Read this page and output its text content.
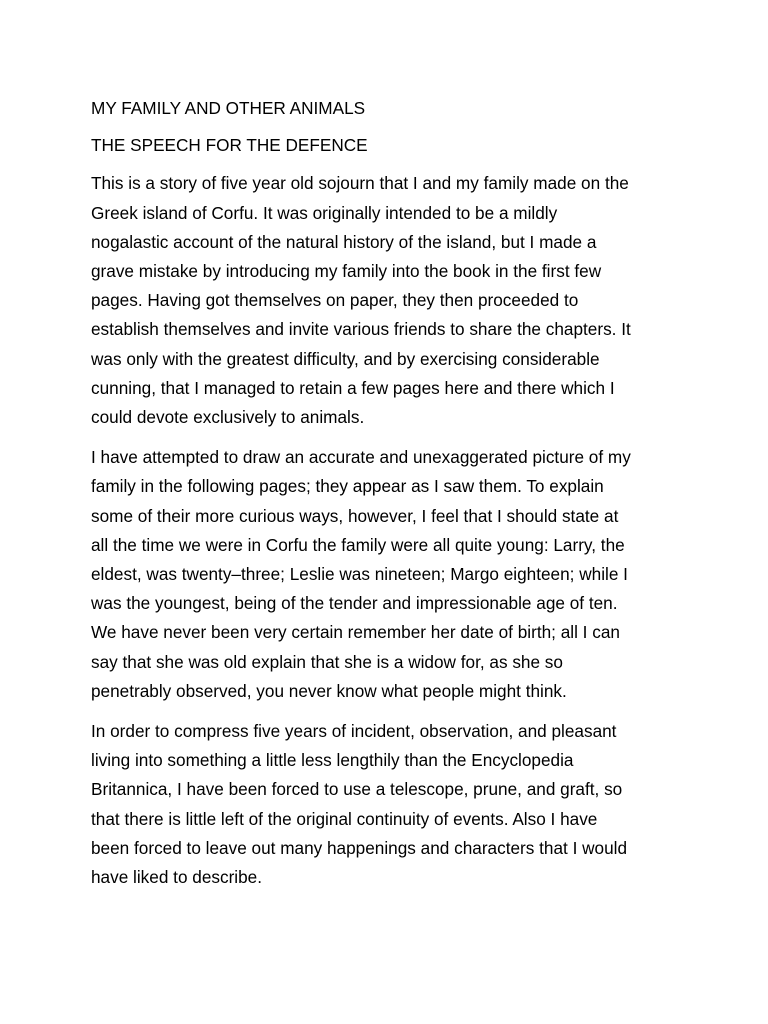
MY FAMILY AND OTHER ANIMALS
THE SPEECH FOR THE DEFENCE
This is a story of five year old sojourn that I and my family made on the
Greek island of Corfu. It was originally intended to be a mildly
nogalastic account of the natural history of the island, but I made a
grave mistake by introducing my family into the book in the first few
pages. Having got themselves on paper, they then proceeded to
establish themselves and invite various friends to share the chapters. It
was only with the greatest difficulty, and by exercising considerable
cunning, that I managed to retain a few pages here and there which I
could devote exclusively to animals.
I have attempted to draw an accurate and unexaggerated picture of my
family in the following pages; they appear as I saw them. To explain
some of their more curious ways, however, I feel that I should state at
all the time we were in Corfu the family were all quite young: Larry, the
eldest, was twenty–three; Leslie was nineteen; Margo eighteen; while I
was the youngest, being of the tender and impressionable age of ten.
We have never been very certain remember her date of birth; all I can
say that she was old explain that she is a widow for, as she so
penetrably observed, you never know what people might think.
In order to compress five years of incident, observation, and pleasant
living into something a little less lengthily than the Encyclopedia
Britannica, I have been forced to use a telescope, prune, and graft, so
that there is little left of the original continuity of events. Also I have
been forced to leave out many happenings and characters that I would
have liked to describe.
